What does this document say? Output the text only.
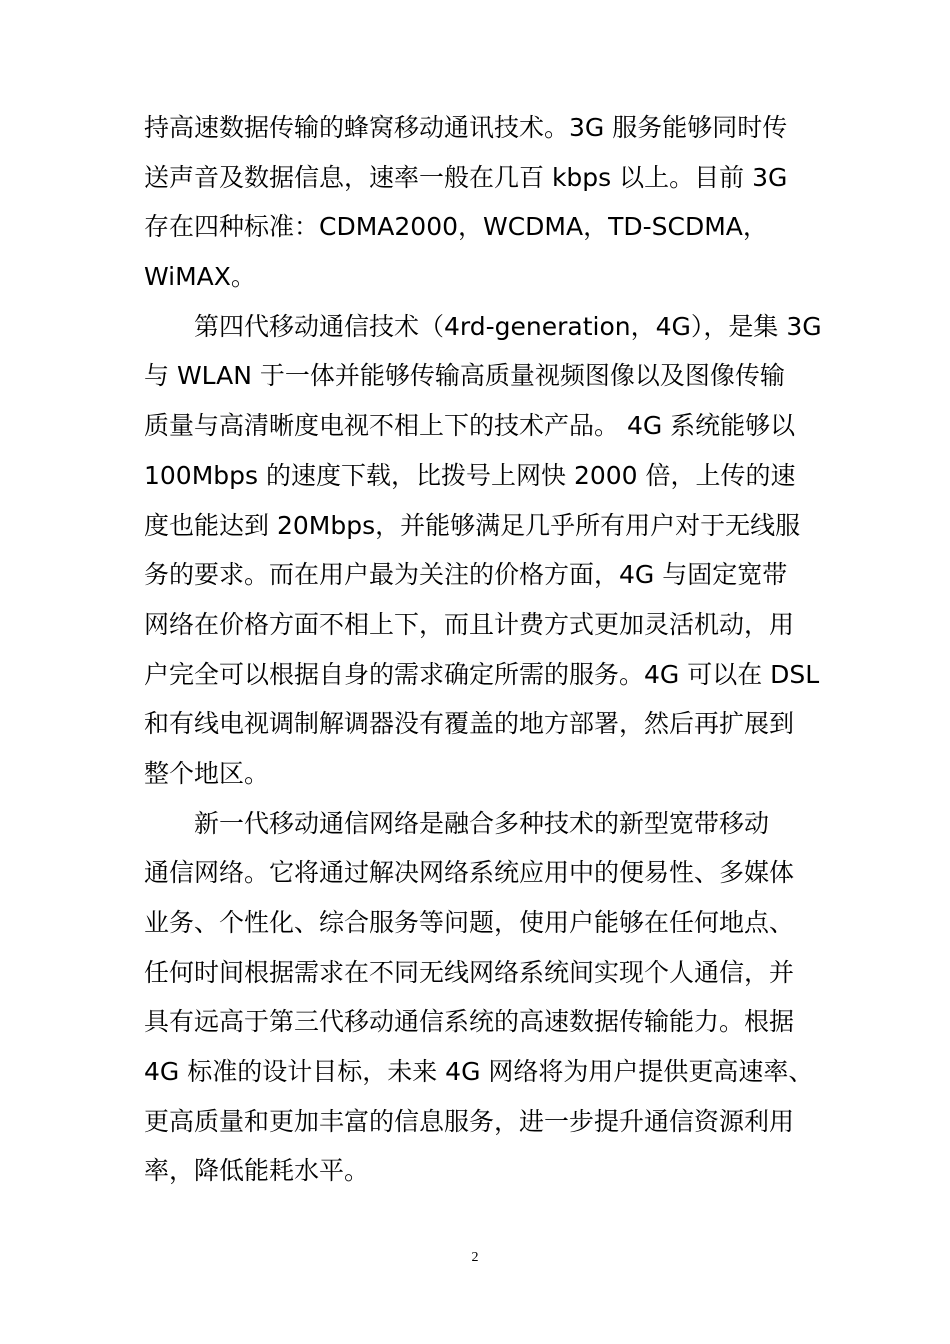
持高速数据传输的蜂窝移动通讯技术。3G 服务能够同时传
送声音及数据信息，速率一般在几百 kbps 以上。目前 3G
存在四种标准：CDMA2000，WCDMA，TD-SCDMA，
WiMAX。
第四代移动通信技术（4rd-generation，4G），是集 3G
与 WLAN 于一体并能够传输高质量视频图像以及图像传输
质量与高清晰度电视不相上下的技术产品。 4G 系统能够以
100Mbps 的速度下载，比拨号上网快 2000 倍，上传的速
度也能达到 20Mbps，并能够满足几乎所有用户对于无线服
务的要求。而在用户最为关注的价格方面，4G 与固定宽带
网络在价格方面不相上下，而且计费方式更加灵活机动，用
户完全可以根据自身的需求确定所需的服务。4G 可以在 DSL
和有线电视调制解调器没有覆盖的地方部署，然后再扩展到
整个地区。
新一代移动通信网络是融合多种技术的新型宽带移动
通信网络。它将通过解决网络系统应用中的便易性、多媒体
业务、个性化、综合服务等问题，使用户能够在任何地点、
任何时间根据需求在不同无线网络系统间实现个人通信，并
具有远高于第三代移动通信系统的高速数据传输能力。根据
4G 标准的设计目标，未来 4G 网络将为用户提供更高速率、
更高质量和更加丰富的信息服务，进一步提升通信资源利用
率，降低能耗水平。
2
